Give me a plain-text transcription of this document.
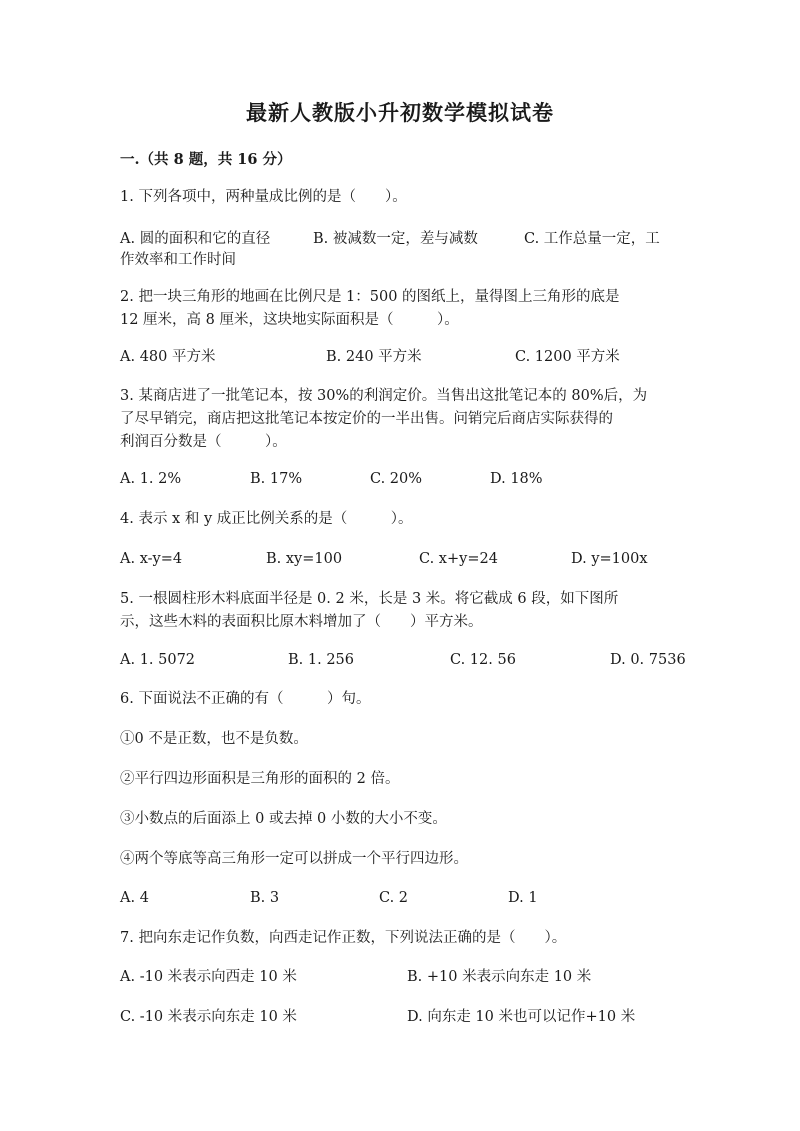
最新人教版小升初数学模拟试卷
一.（共 8 题，共 16 分）
1. 下列各项中，两种量成比例的是（　　）。
A. 圆的面积和它的直径	B. 被减数一定，差与减数	C. 工作总量一定，工
作效率和工作时间
2. 把一块三角形的地画在比例尺是 1：500 的图纸上，量得图上三角形的底是
12 厘米，高 8 厘米，这块地实际面积是（　　　）。
A. 480 平方米	B. 240 平方米	C. 1200 平方米
3. 某商店进了一批笔记本，按 30%的利润定价。当售出这批笔记本的 80%后，为
了尽早销完，商店把这批笔记本按定价的一半出售。问销完后商店实际获得的
利润百分数是（　　　）。
A. 1. 2%	B. 17%	C. 20%	D. 18%
4. 表示 x 和 y 成正比例关系的是（　　　）。
A. x-y=4	B. xy=100	C. x+y=24	D. y=100x
5. 一根圆柱形木料底面半径是 0. 2 米，长是 3 米。将它截成 6 段，如下图所
示，这些木料的表面积比原木料增加了（　　）平方米。
A. 1. 5072	B. 1. 256	C. 12. 56	D. 0. 7536
6. 下面说法不正确的有（　　　）句。
①0 不是正数，也不是负数。
②平行四边形面积是三角形的面积的 2 倍。
③小数点的后面添上 0 或去掉 0 小数的大小不变。
④两个等底等高三角形一定可以拼成一个平行四边形。
A. 4	B. 3	C. 2	D. 1
7. 把向东走记作负数，向西走记作正数，下列说法正确的是（　　）。
A. -10 米表示向西走 10 米	B. +10 米表示向东走 10 米
C. -10 米表示向东走 10 米	D. 向东走 10 米也可以记作+10 米
